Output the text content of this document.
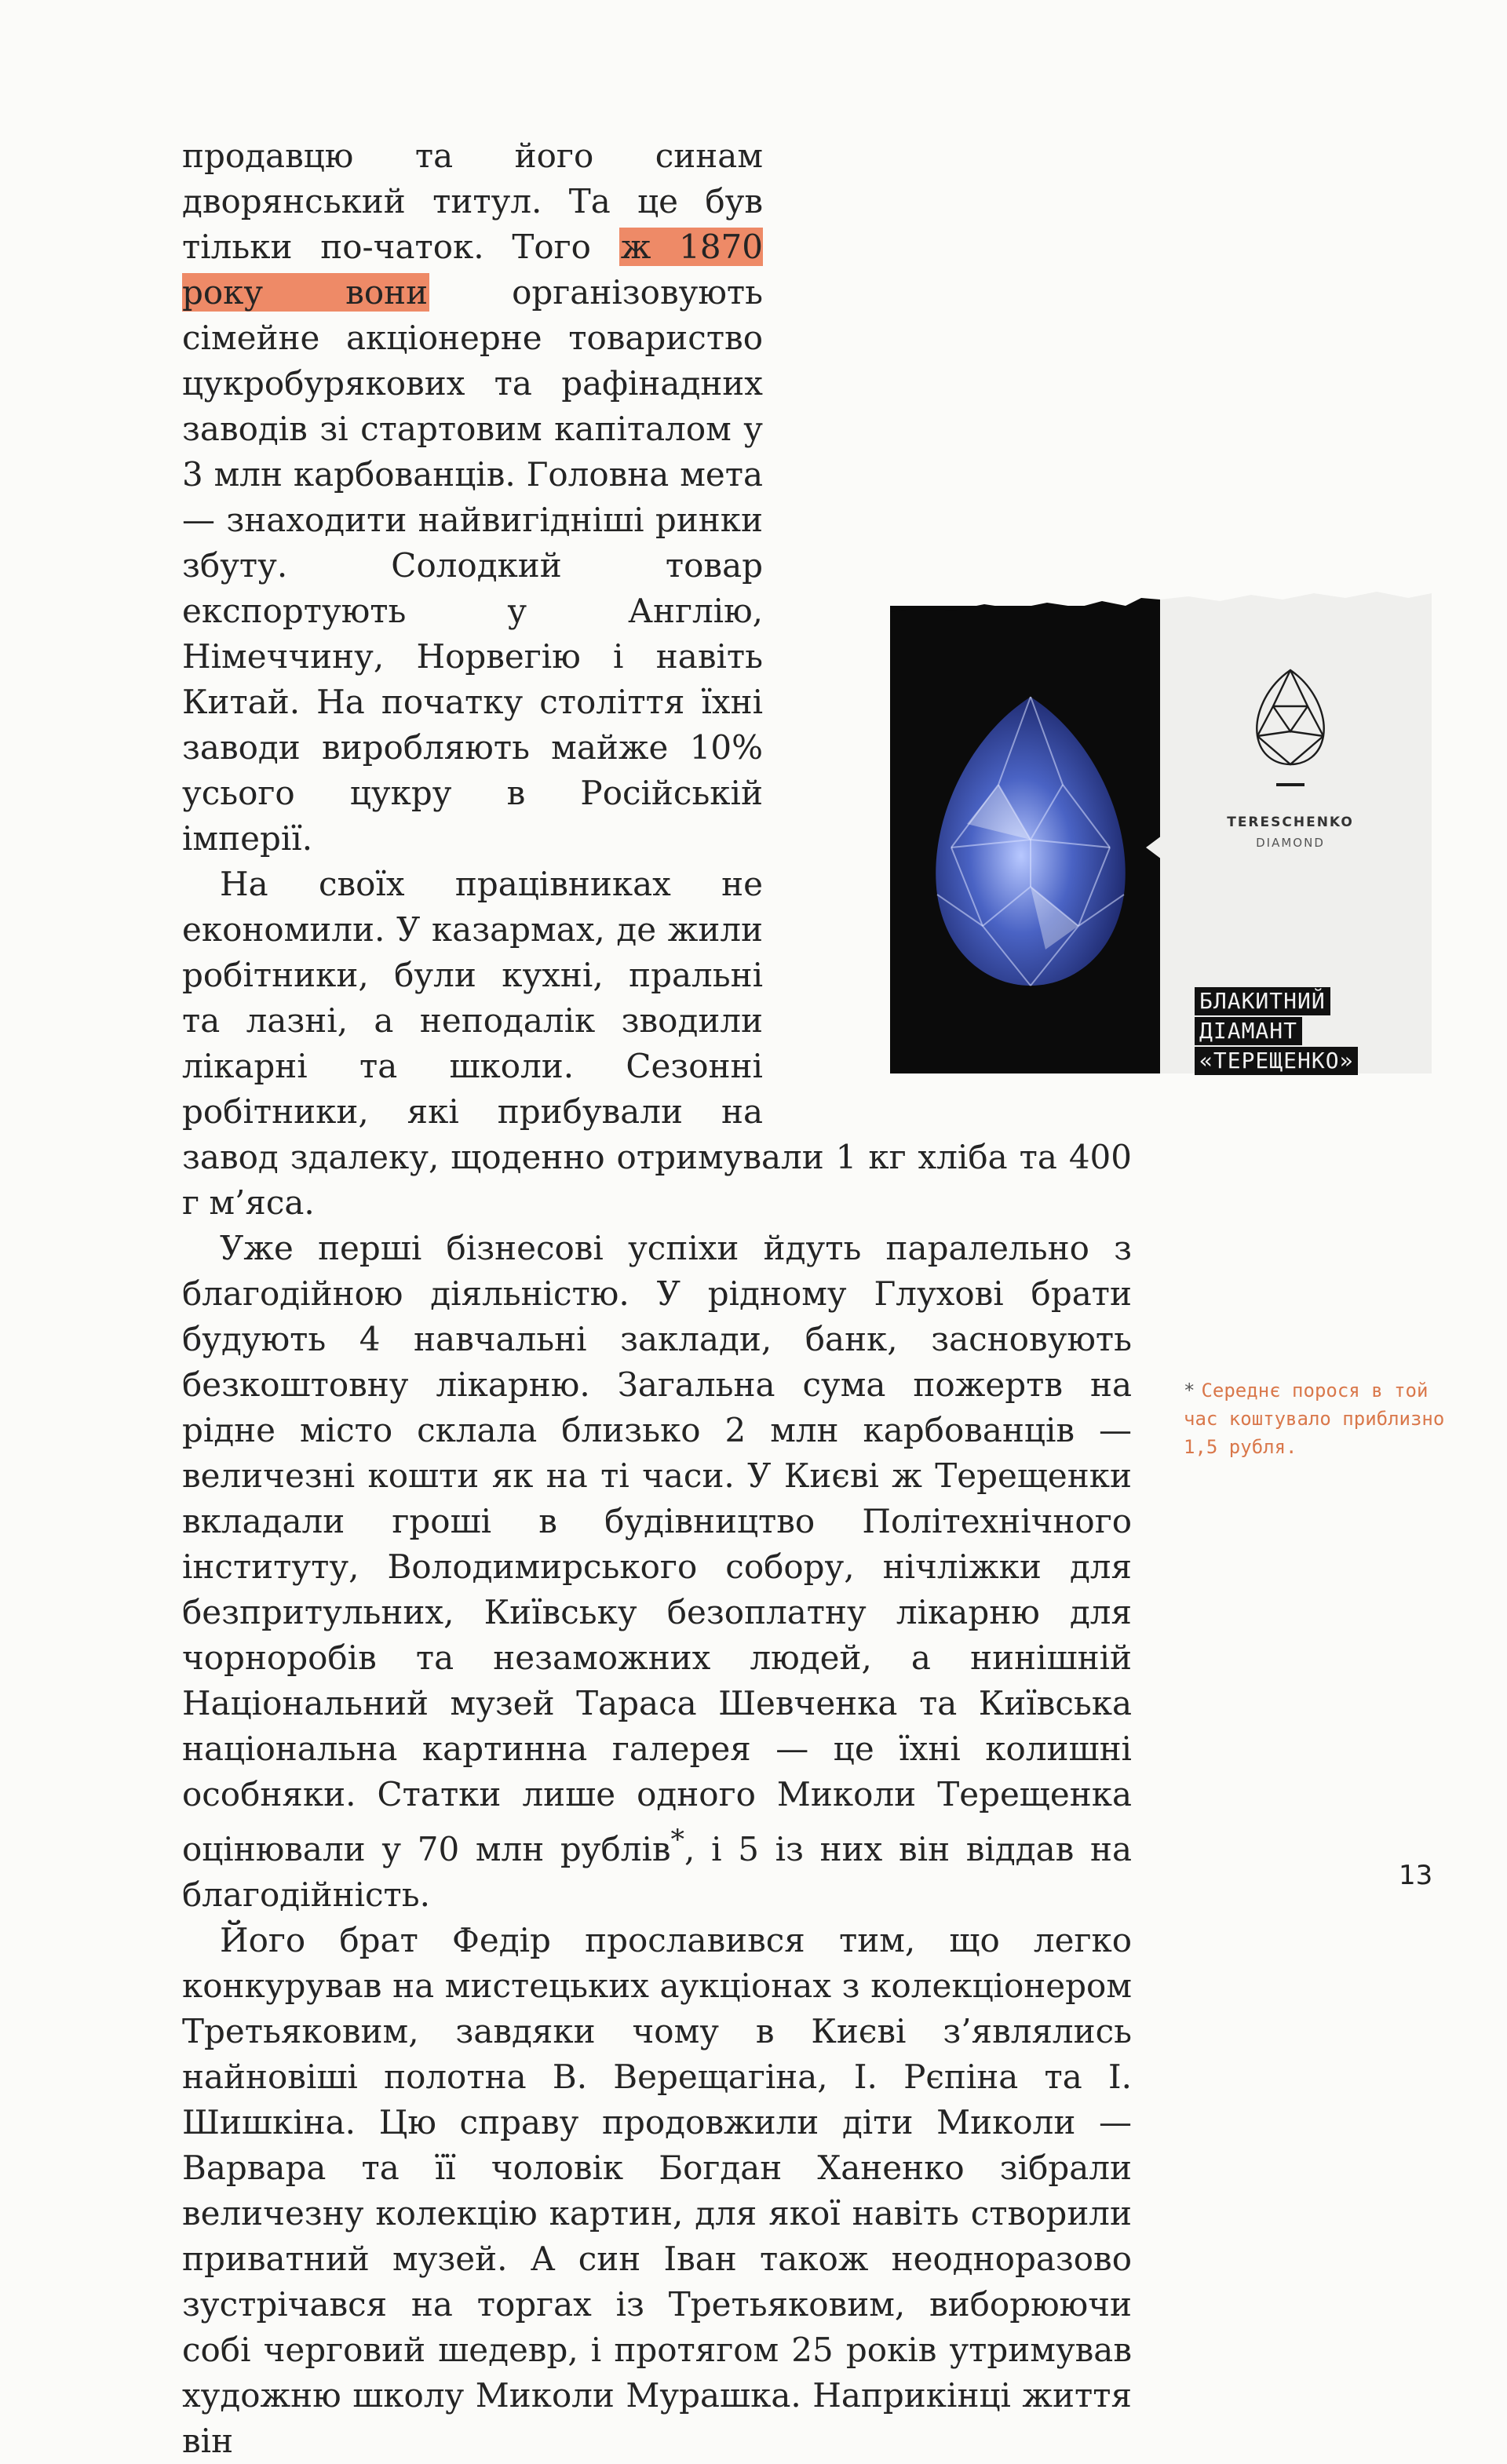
продавцю та його синам дворянський титул. Та це був тільки по-чаток. Того ж 1870 року вони організовують сімейне акціонерне товариство цукробурякових та рафінадних заводів зі стартовим капіталом у 3 млн карбованців. Головна мета — знаходити найвигідніші ринки збуту. Солодкий товар експортують у Англію, Німеччину, Норвегію і навіть Китай. На початку століття їхні заводи виробляють майже 10% усього цукру в Російській імперії.

На своїх працівниках не економили. У казармах, де жили робітники, були кухні, пральні та лазні, а неподалік зводили лікарні та школи. Сезонні робітники, які прибували на завод здалеку, щоденно отримували 1 кг хліба та 400 г м’яса.

Уже перші бізнесові успіхи йдуть паралельно з благодійною діяльністю. У рідному Глухові брати будують 4 навчальні заклади, банк, засновують безкоштовну лікарню. Загальна сума пожертв на рідне місто склала близько 2 млн карбованців — величезні кошти як на ті часи. У Києві ж Терещенки вкладали гроші в будівництво Політехнічного інституту, Володимирського собору, нічліжки для безпритульних, Київську безоплатну лікарню для чорноробів та незаможних людей, а нинішній Національний музей Тараса Шевченка та Київська національна картинна галерея — це їхні колишні особняки. Статки лише одного Миколи Терещенка оцінювали у 70 млн рублів*, і 5 із них він віддав на благодійність.

Його брат Федір прославився тим, що легко конкурував на мистецьких аукціонах з колекціонером Третьяковим, завдяки чому в Києві з’являлись найновіші полотна В. Верещагіна, І. Рєпіна та І. Шишкіна. Цю справу продовжили діти Миколи — Варвара та її чоловік Богдан Ханенко зібрали величезну колекцію картин, для якої навіть створили приватний музей. А син Іван також неодноразово зустрічався на торгах із Третьяковим, виборюючи собі черговий шедевр, і протягом 25 років утримував художню школу Миколи Мурашка. Наприкінці життя він

TERESCHENKO
DIAMOND
БЛАКИТНИЙ
ДІАМАНТ
«ТЕРЕЩЕНКО»
* Середнє порося в той час коштувало приблизно 1,5 рубля.
13
